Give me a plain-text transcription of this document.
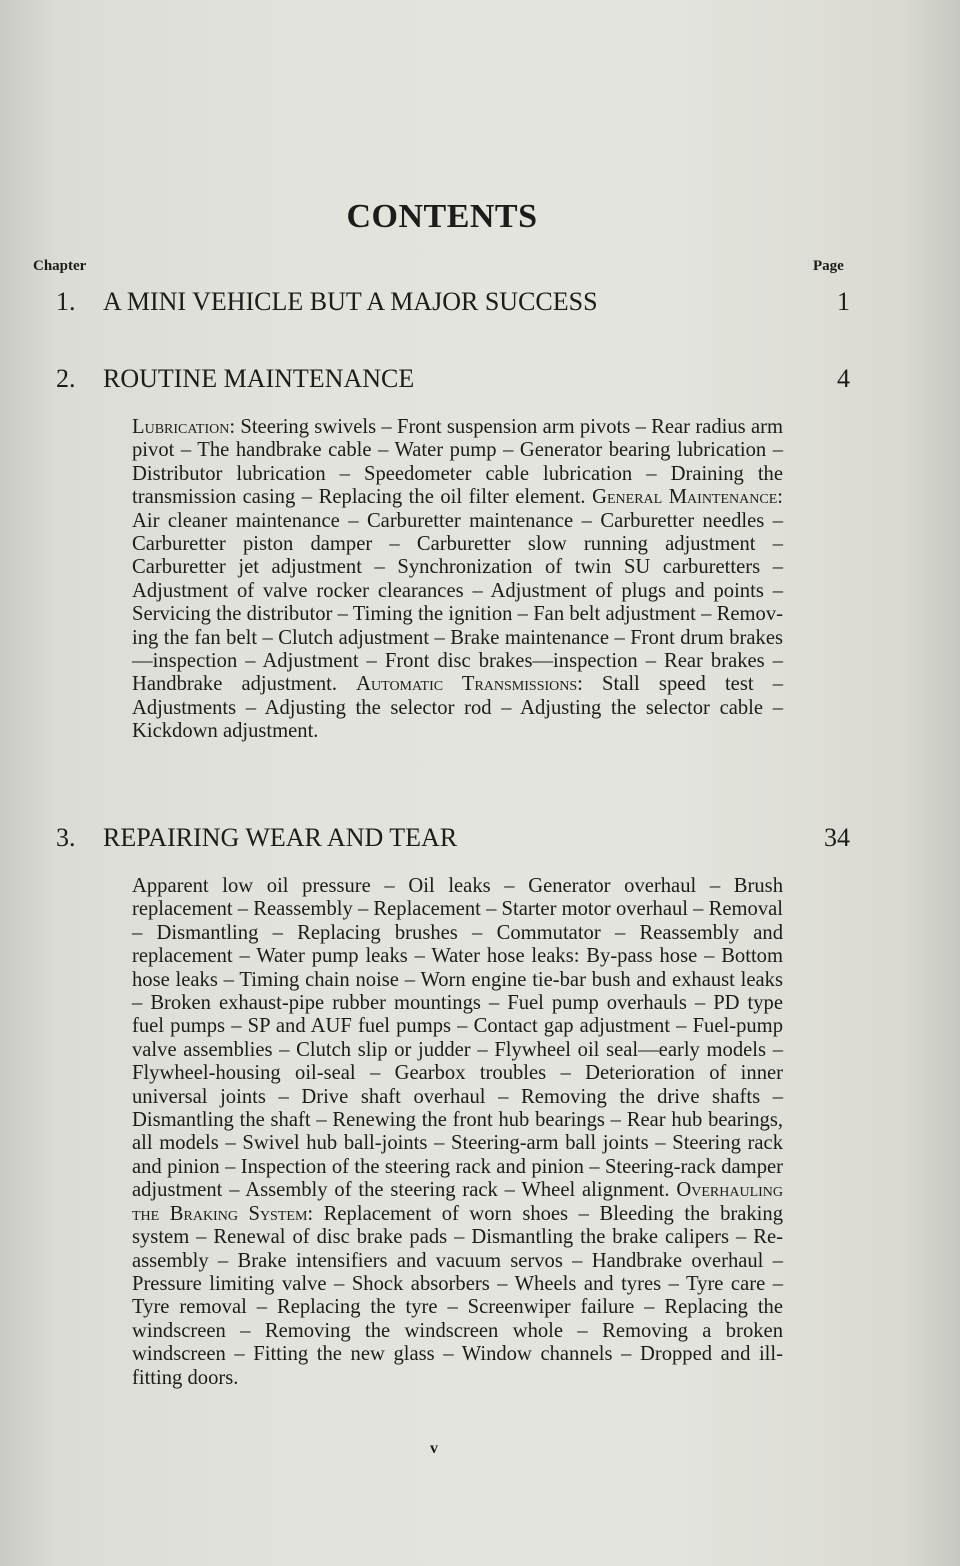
CONTENTS
Chapter	Page
1. A MINI VEHICLE BUT A MAJOR SUCCESS	1
2. ROUTINE MAINTENANCE	4
Lubrication: Steering swivels – Front suspension arm pivots – Rear radius arm pivot – The handbrake cable – Water pump – Generator bearing lubrication – Distributor lubrication – Speedometer cable lubrication – Draining the transmission casing – Replacing the oil filter element. General Maintenance: Air cleaner maintenance – Carburetter maintenance – Carburetter needles – Carburetter piston damper – Carburetter slow running adjustment – Carburetter jet adjustment – Synchronization of twin SU carburetters – Adjustment of valve rocker clearances – Adjustment of plugs and points – Servicing the distributor – Timing the ignition – Fan belt adjustment – Removing the fan belt – Clutch adjustment – Brake maintenance – Front drum brakes—inspection – Adjustment – Front disc brakes—inspection – Rear brakes – Handbrake adjustment. Automatic Transmissions: Stall speed test – Adjustments – Adjusting the selector rod – Adjusting the selector cable – Kickdown adjustment.
3. REPAIRING WEAR AND TEAR	34
Apparent low oil pressure – Oil leaks – Generator overhaul – Brush replacement – Reassembly – Replacement – Starter motor overhaul – Removal – Dismantling – Replacing brushes – Commutator – Reassembly and replacement – Water pump leaks – Water hose leaks: By-pass hose – Bottom hose leaks – Timing chain noise – Worn engine tie-bar bush and exhaust leaks – Broken exhaust-pipe rubber mountings – Fuel pump overhauls – PD type fuel pumps – SP and AUF fuel pumps – Contact gap adjustment – Fuel-pump valve assemblies – Clutch slip or judder – Flywheel oil seal—early models – Flywheel-housing oil-seal – Gearbox troubles – Deterioration of inner universal joints – Drive shaft overhaul – Removing the drive shafts – Dismantling the shaft – Renewing the front hub bearings – Rear hub bearings, all models – Swivel hub ball-joints – Steering-arm ball joints – Steering rack and pinion – Inspection of the steering rack and pinion – Steering-rack damper adjustment – Assembly of the steering rack – Wheel alignment. Overhauling the Braking System: Replacement of worn shoes – Bleeding the braking system – Renewal of disc brake pads – Dismantling the brake calipers – Reassembly – Brake intensifiers and vacuum servos – Handbrake overhaul – Pressure limiting valve – Shock absorbers – Wheels and tyres – Tyre care – Tyre removal – Replacing the tyre – Screenwiper failure – Replacing the windscreen – Removing the windscreen whole – Removing a broken windscreen – Fitting the new glass – Window channels – Dropped and ill-fitting doors.
v
